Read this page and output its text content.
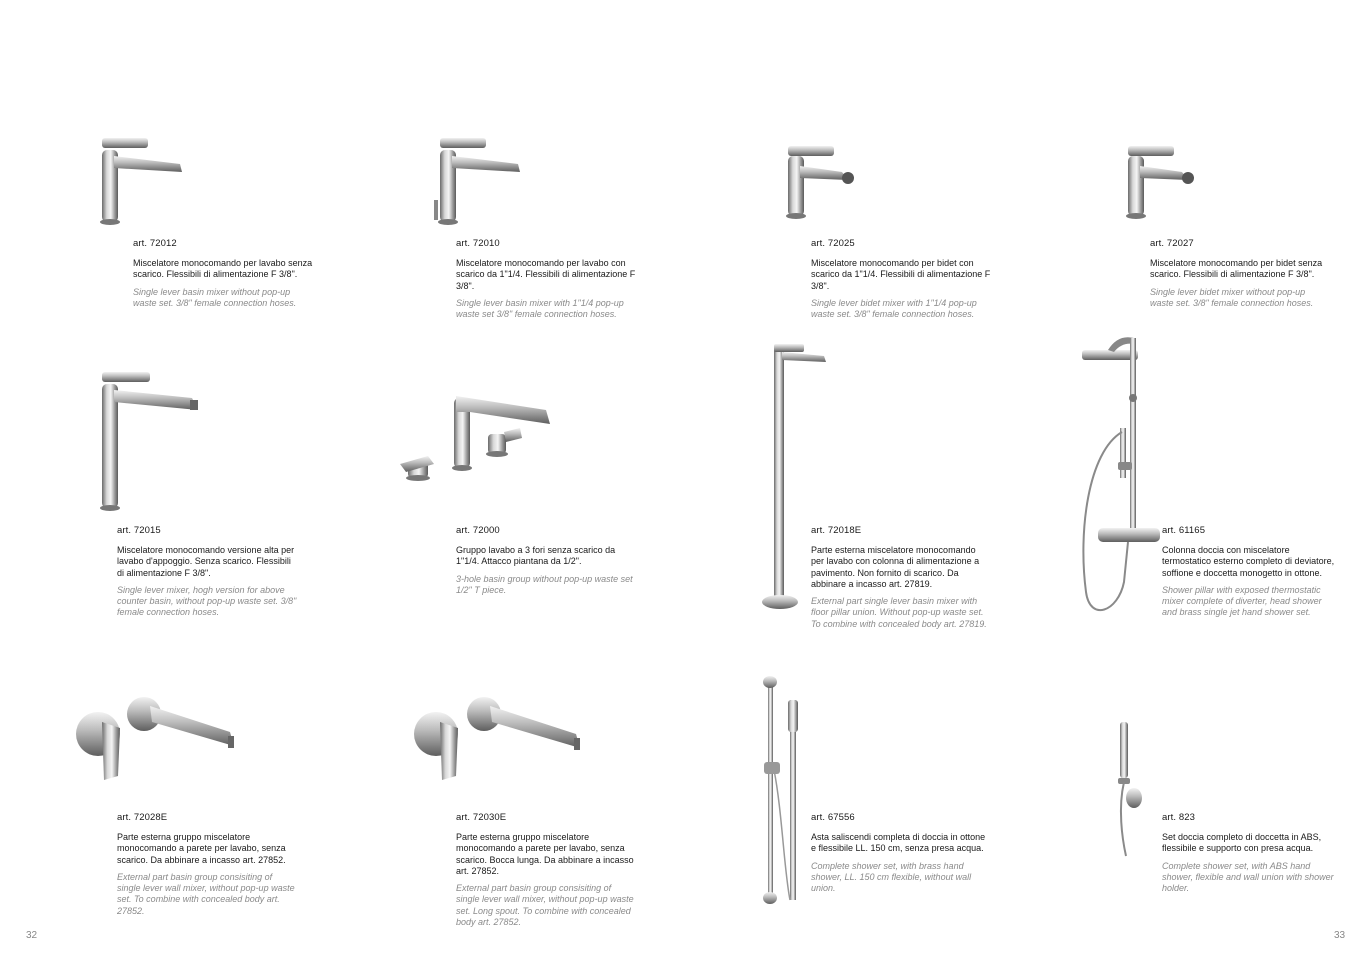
art. 72012

Miscelatore monocomando per lavabo senza scarico. Flessibili di alimentazione F 3/8".

Single lever basin mixer without pop-up waste set. 3/8" female connection hoses.

art. 72010

Miscelatore monocomando per lavabo con scarico da 1"1/4. Flessibili di alimentazione F 3/8".

Single lever basin mixer with 1"1/4 pop-up waste set 3/8" female connection hoses.

art. 72025

Miscelatore monocomando per bidet con scarico da 1"1/4. Flessibili di alimentazione F 3/8".

Single lever bidet mixer with 1"1/4 pop-up waste set. 3/8" female connection hoses.

art. 72027

Miscelatore monocomando per bidet senza scarico. Flessibili di alimentazione F 3/8".

Single lever bidet mixer without pop-up waste set. 3/8" female connection hoses.

art. 72015

Miscelatore monocomando versione alta per lavabo d'appoggio. Senza scarico. Flessibili di alimentazione F 3/8".

Single lever mixer, hogh version for above counter basin, without pop-up waste set. 3/8" female connection hoses.

art. 72000

Gruppo lavabo a 3 fori senza scarico da 1"1/4. Attacco piantana da 1/2".

3-hole basin group without pop-up waste set 1/2" T piece.

art. 72018E

Parte esterna miscelatore monocomando per lavabo con colonna di alimentazione a pavimento. Non fornito di scarico. Da abbinare a incasso art. 27819.

External part single lever basin mixer with floor pillar union. Without pop-up waste set. To combine with concealed body art. 27819.

art. 61165

Colonna doccia con miscelatore termostatico esterno completo di deviatore, soffione e doccetta monogetto in ottone.

Shower pillar with exposed thermostatic mixer complete of diverter, head shower and brass single jet hand shower set.

art. 72028E

Parte esterna gruppo miscelatore monocomando a parete per lavabo, senza scarico. Da abbinare a incasso art. 27852.

External part basin group consisiting of single lever wall mixer, without pop-up waste set. To combine with concealed body art. 27852.

art. 72030E

Parte esterna gruppo miscelatore monocomando a parete per lavabo, senza scarico. Bocca lunga. Da abbinare a incasso art. 27852.

External part basin group consisiting of single lever wall mixer, without pop-up waste set. Long spout. To combine with concealed body art. 27852.

art. 67556

Asta saliscendi completa di doccia in ottone e flessibile LL. 150 cm, senza presa acqua.

Complete shower set, with brass hand shower, LL. 150 cm flexible, without wall union.

art. 823

Set doccia completo di doccetta in ABS, flessibile e supporto con presa acqua.

Complete shower set, with ABS hand shower, flexible and wall union with shower holder.

32	33
